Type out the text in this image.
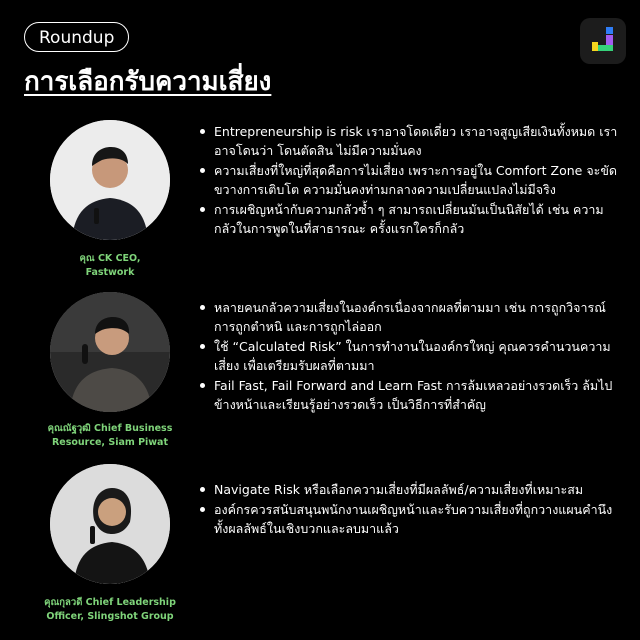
Roundup
การเลือกรับความเสี่ยง
คุณ CK CEO,
Fastwork
Entrepreneurship is risk เราอาจโดดเดี่ยว เราอาจสูญเสียเงินทั้งหมด เราอาจโดนว่า โดนตัดสิน ไม่มีความมั่นคง
ความเสี่ยงที่ใหญ่ที่สุดคือการไม่เสี่ยง เพราะการอยู่ใน Comfort Zone จะขัดขวางการเติบโต ความมั่นคงท่ามกลางความเปลี่ยนแปลงไม่มีจริง
การเผชิญหน้ากับความกลัวซ้ำ ๆ สามารถเปลี่ยนมันเป็นนิสัยได้ เช่น ความกลัวในการพูดในที่สาธารณะ ครั้งแรกใครก็กลัว
คุณณัฐวุฒิ Chief Business
Resource, Siam Piwat
หลายคนกลัวความเสี่ยงในองค์กรเนื่องจากผลที่ตามมา เช่น การถูกวิจารณ์ การถูกตำหนิ และการถูกไล่ออก
ใช้ “Calculated Risk” ในการทำงานในองค์กรใหญ่ คุณควรคำนวนความเสี่ยง เพื่อเตรียมรับผลที่ตามมา
Fail Fast, Fail Forward and Learn Fast การล้มเหลวอย่างรวดเร็ว ล้มไปข้างหน้าและเรียนรู้อย่างรวดเร็ว เป็นวิธีการที่สำคัญ
คุณกุลวดี Chief Leadership
Officer, Slingshot Group
Navigate Risk หรือเลือกความเสี่ยงที่มีผลลัพธ์/ความเสี่ยงที่เหมาะสม
องค์กรควรสนับสนุนพนักงานเผชิญหน้าและรับความเสี่ยงที่ถูกวางแผนคำนึงทั้งผลลัพธ์ในเชิงบวกและลบมาแล้ว
